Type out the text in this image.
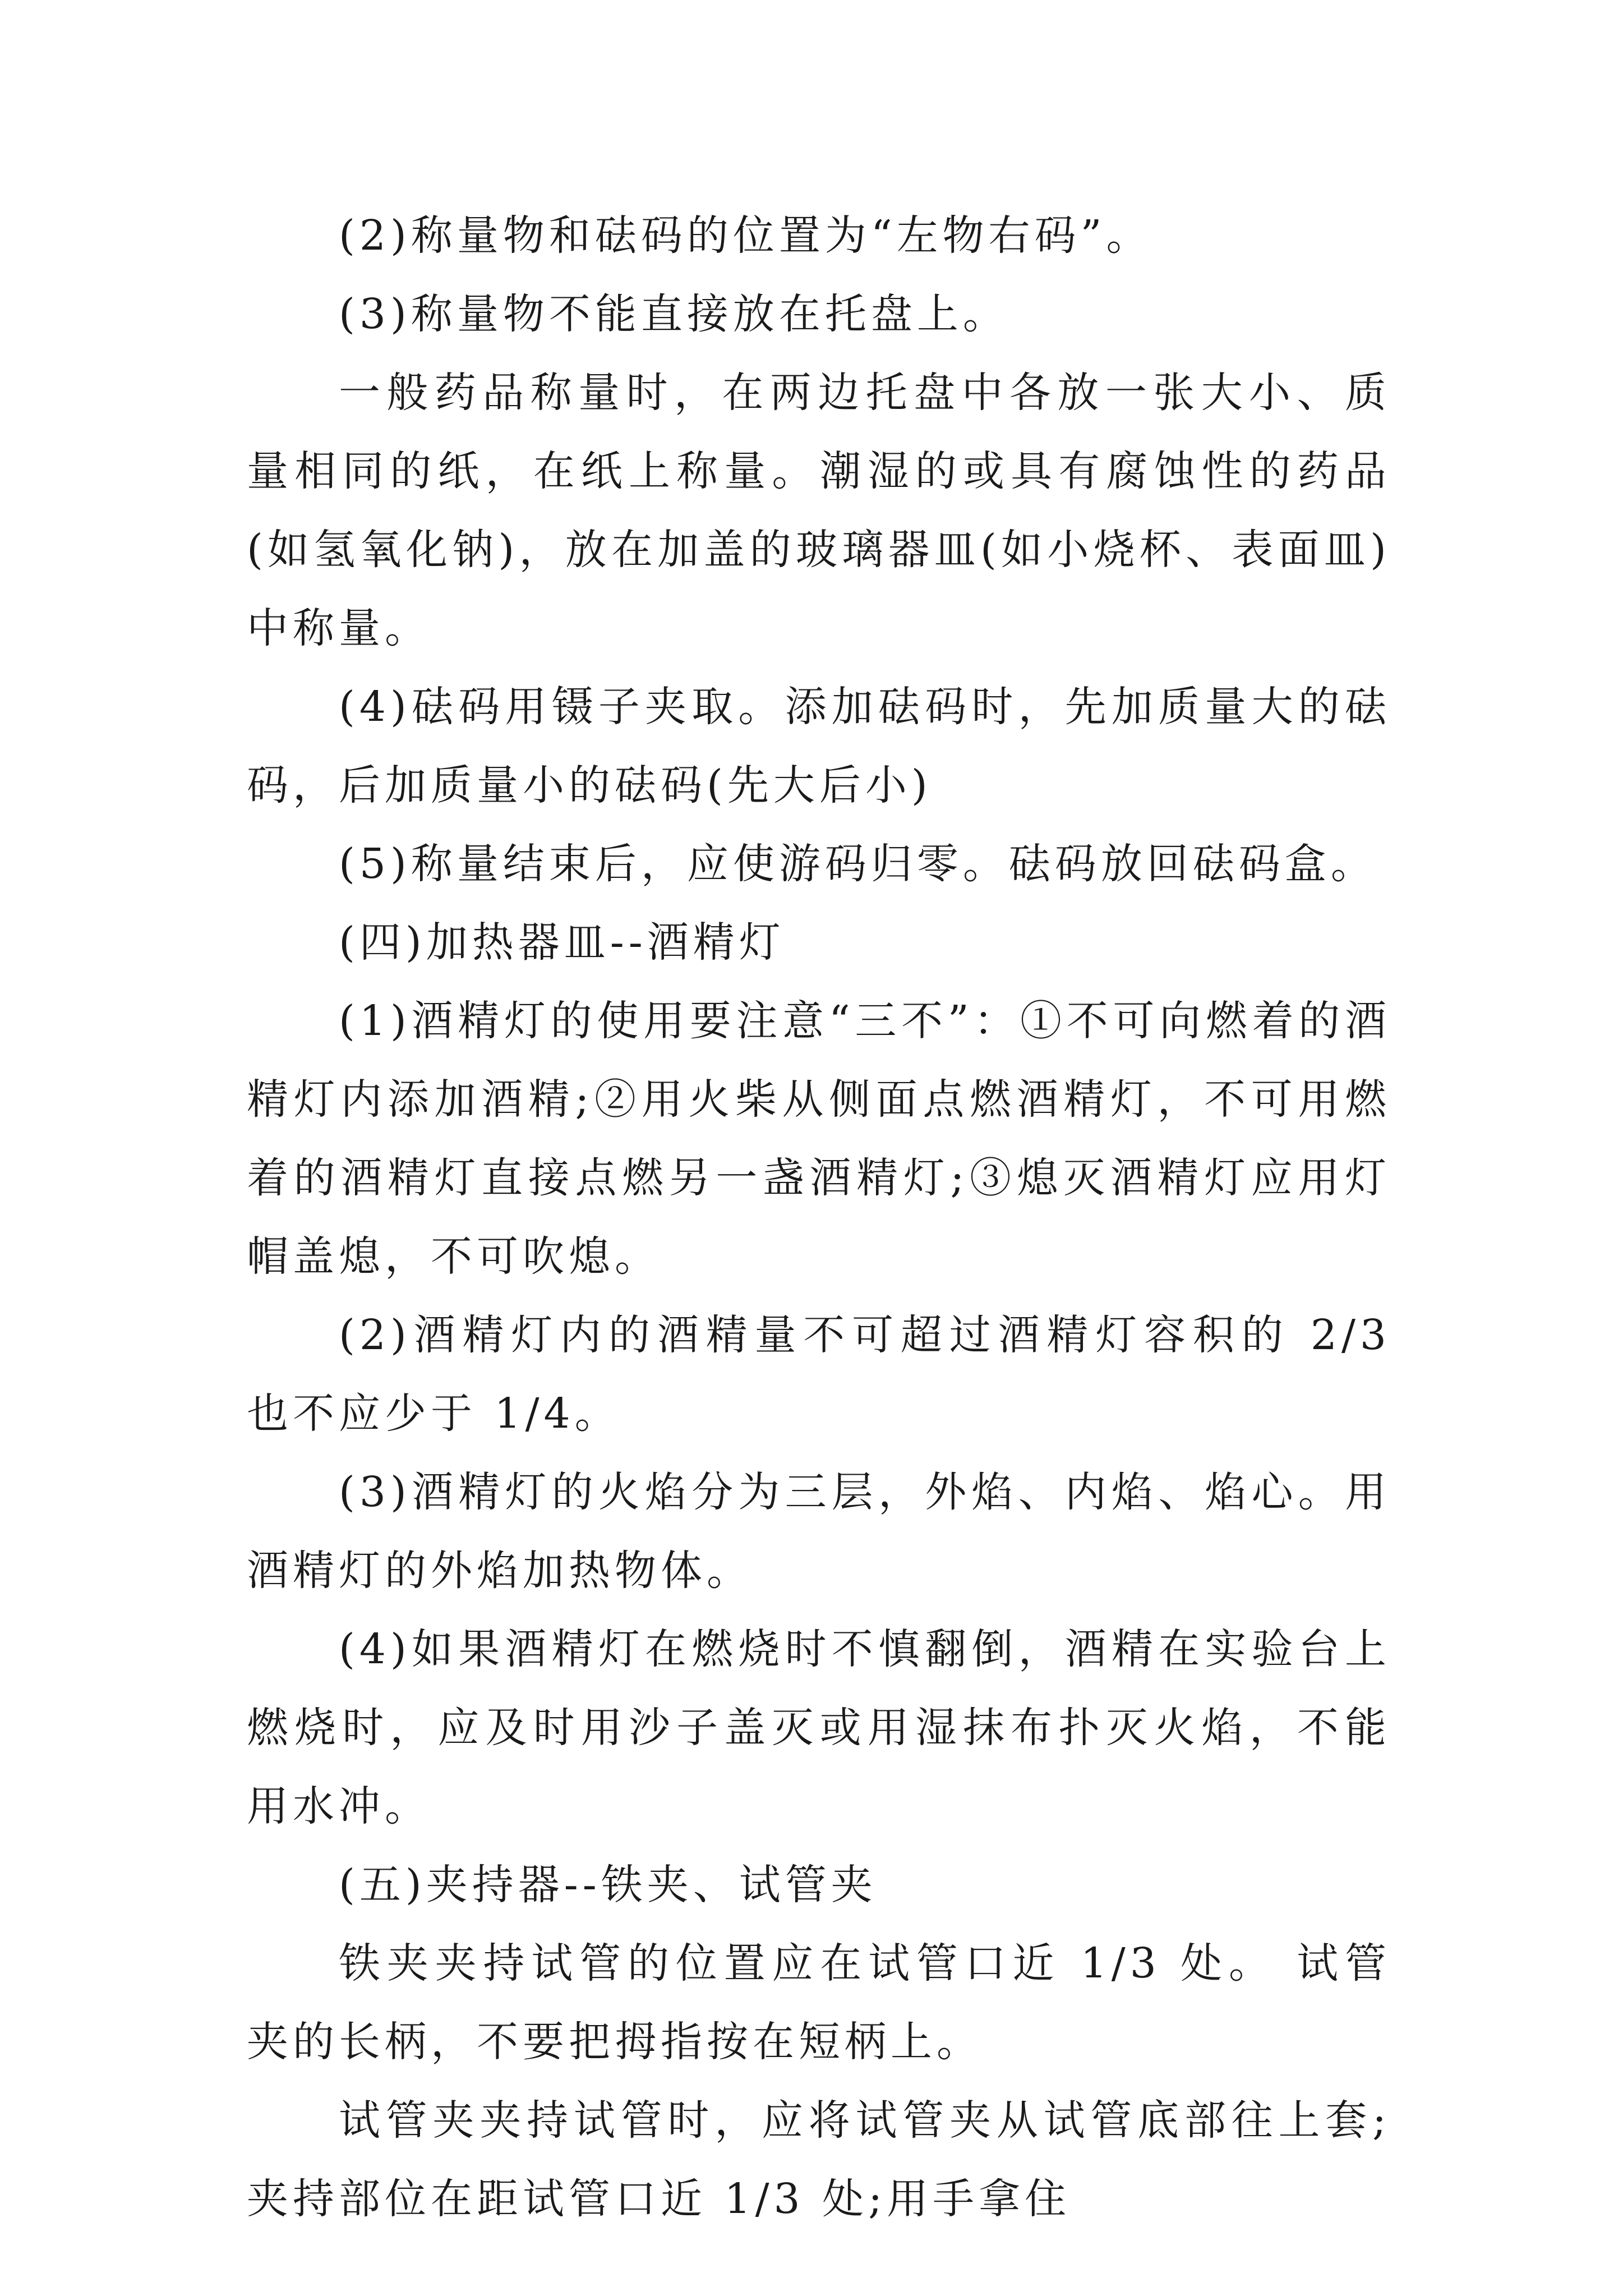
(2)称量物和砝码的位置为“左物右码”。

(3)称量物不能直接放在托盘上。

一般药品称量时，在两边托盘中各放一张大小、质量相同的纸，在纸上称量。潮湿的或具有腐蚀性的药品(如氢氧化钠)，放在加盖的玻璃器皿(如小烧杯、表面皿)中称量。

(4)砝码用镊子夹取。添加砝码时，先加质量大的砝码，后加质量小的砝码(先大后小)

(5)称量结束后，应使游码归零。砝码放回砝码盒。

(四)加热器皿--酒精灯

(1)酒精灯的使用要注意“三不”：①不可向燃着的酒精灯内添加酒精;②用火柴从侧面点燃酒精灯，不可用燃着的酒精灯直接点燃另一盏酒精灯;③熄灭酒精灯应用灯帽盖熄，不可吹熄。

(2)酒精灯内的酒精量不可超过酒精灯容积的 2/3 也不应少于 1/4。

(3)酒精灯的火焰分为三层，外焰、内焰、焰心。用酒精灯的外焰加热物体。

(4)如果酒精灯在燃烧时不慎翻倒，酒精在实验台上燃烧时，应及时用沙子盖灭或用湿抹布扑灭火焰，不能用水冲。

(五)夹持器--铁夹、试管夹

铁夹夹持试管的位置应在试管口近 1/3 处。 试管夹的长柄，不要把拇指按在短柄上。

试管夹夹持试管时，应将试管夹从试管底部往上套;夹持部位在距试管口近 1/3 处;用手拿住
